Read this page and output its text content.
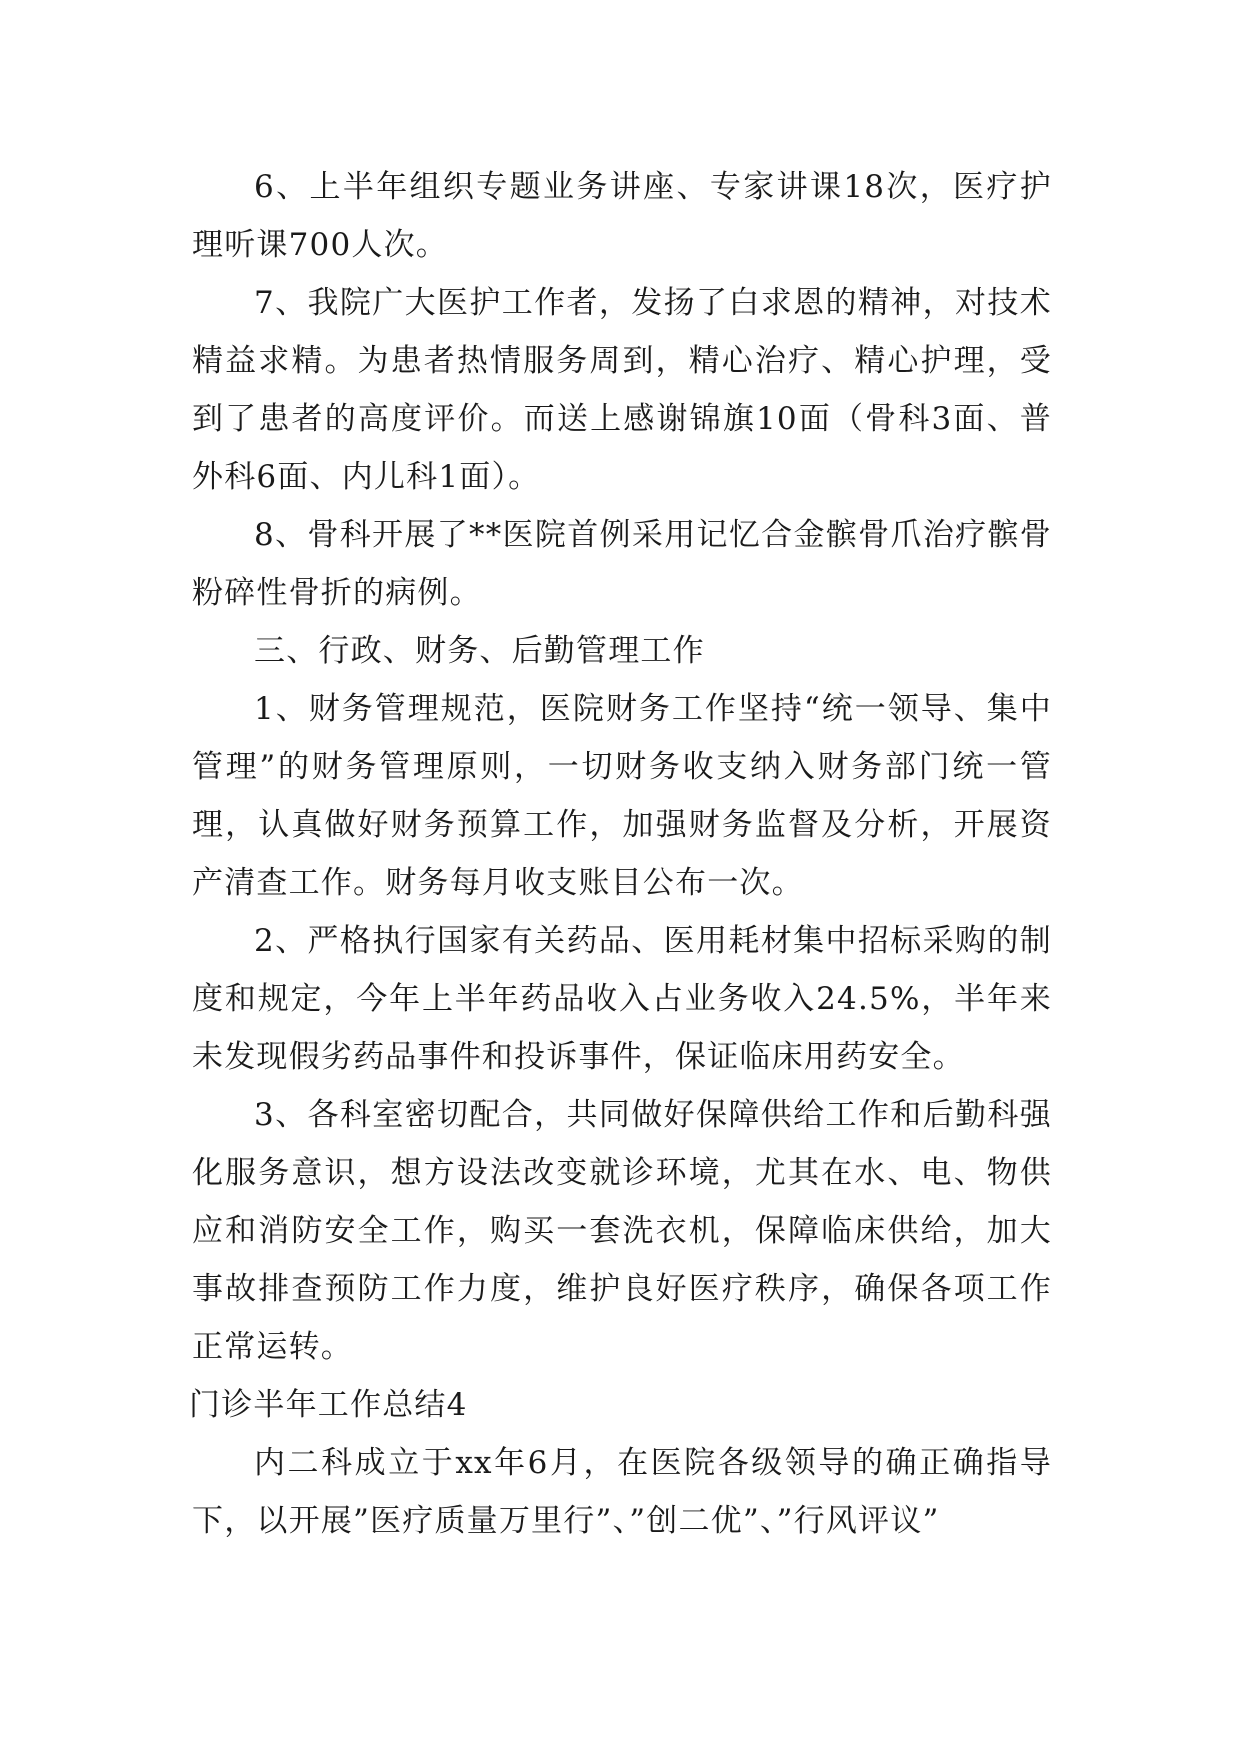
6、上半年组织专题业务讲座、专家讲课18次，医疗护理听课700人次。

7、我院广大医护工作者，发扬了白求恩的精神，对技术精益求精。为患者热情服务周到，精心治疗、精心护理，受到了患者的高度评价。而送上感谢锦旗10面（骨科3面、普外科6面、内儿科1面）。

8、骨科开展了**医院首例采用记忆合金髌骨爪治疗髌骨粉碎性骨折的病例。

三、行政、财务、后勤管理工作

1、财务管理规范，医院财务工作坚持“统一领导、集中管理”的财务管理原则，一切财务收支纳入财务部门统一管理，认真做好财务预算工作，加强财务监督及分析，开展资产清查工作。财务每月收支账目公布一次。

2、严格执行国家有关药品、医用耗材集中招标采购的制度和规定，今年上半年药品收入占业务收入24.5%，半年来未发现假劣药品事件和投诉事件，保证临床用药安全。

3、各科室密切配合，共同做好保障供给工作和后勤科强化服务意识，想方设法改变就诊环境，尤其在水、电、物供应和消防安全工作，购买一套洗衣机，保障临床供给，加大事故排查预防工作力度，维护良好医疗秩序，确保各项工作正常运转。

门诊半年工作总结4

内二科成立于xx年6月，在医院各级领导的确正确指导下，以开展”医疗质量万里行”、”创二优”、”行风评议”
